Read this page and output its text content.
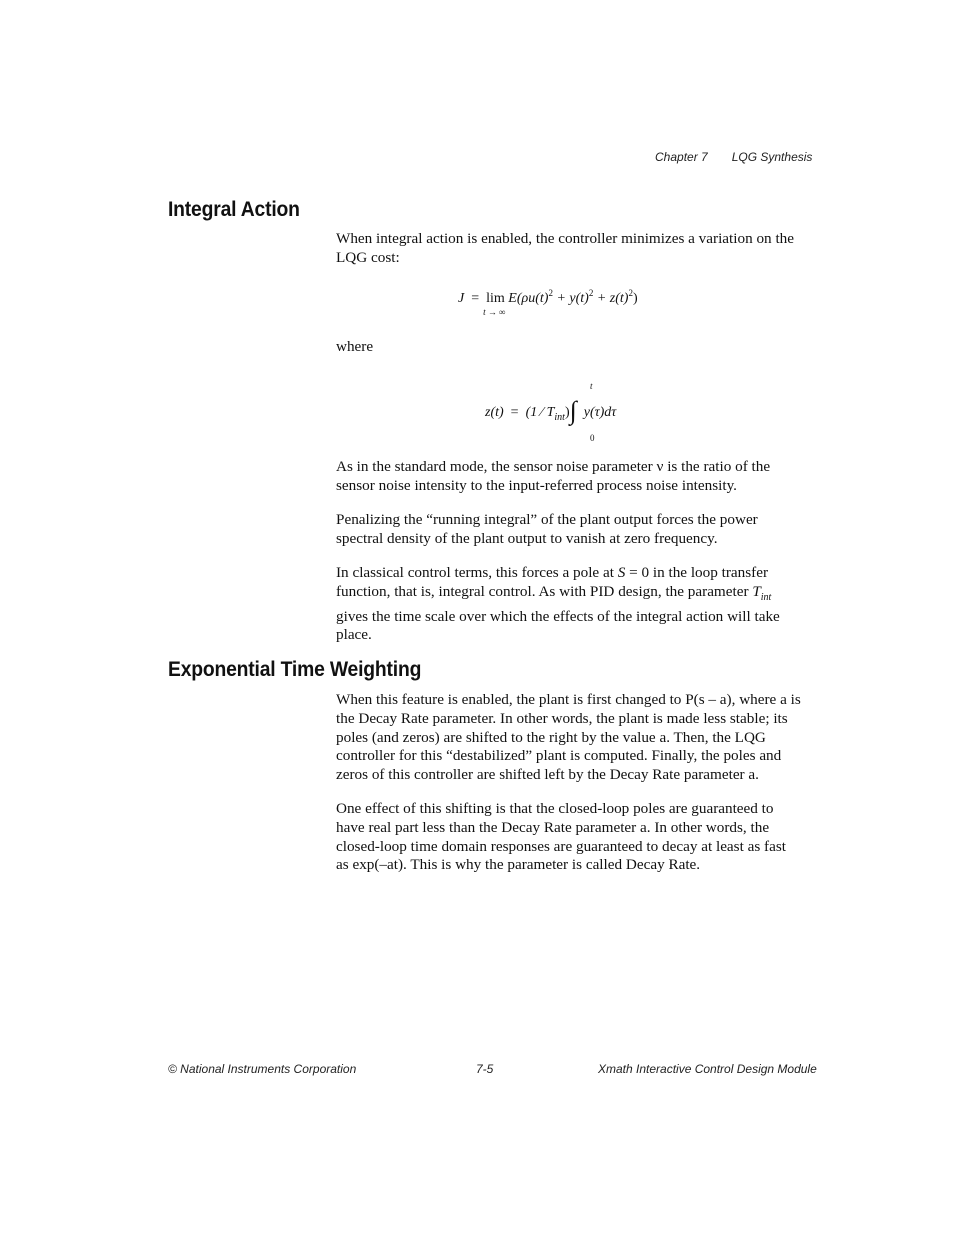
Chapter 7 LQG Synthesis
Integral Action

When integral action is enabled, the controller minimizes a variation on the LQG cost:

J = lim
t → ∞
$E(\rho u(t)^2 + y(t)^2 + z(t)^2)$

where

t
z(t) = (1 ⁄ $T_{int})\int$ y(τ)dτ
0

As in the standard mode, the sensor noise parameter ν is the ratio of the sensor noise intensity to the input-referred process noise intensity.

Penalizing the “running integral” of the plant output forces the power spectral density of the plant output to vanish at zero frequency.

In classical control terms, this forces a pole at S = 0 in the loop transfer function, that is, integral control. As with PID design, the parameter $T_{int}$ gives the time scale over which the effects of the integral action will take place.

Exponential Time Weighting

When this feature is enabled, the plant is first changed to P(s – a), where a is the Decay Rate parameter. In other words, the plant is made less stable; its poles (and zeros) are shifted to the right by the value a. Then, the LQG controller for this “destabilized” plant is computed. Finally, the poles and zeros of this controller are shifted left by the Decay Rate parameter a.

One effect of this shifting is that the closed-loop poles are guaranteed to have real part less than the Decay Rate parameter a. In other words, the closed-loop time domain responses are guaranteed to decay at least as fast as exp(–at). This is why the parameter is called Decay Rate.

© National Instruments Corporation	7-5	Xmath Interactive Control Design Module
